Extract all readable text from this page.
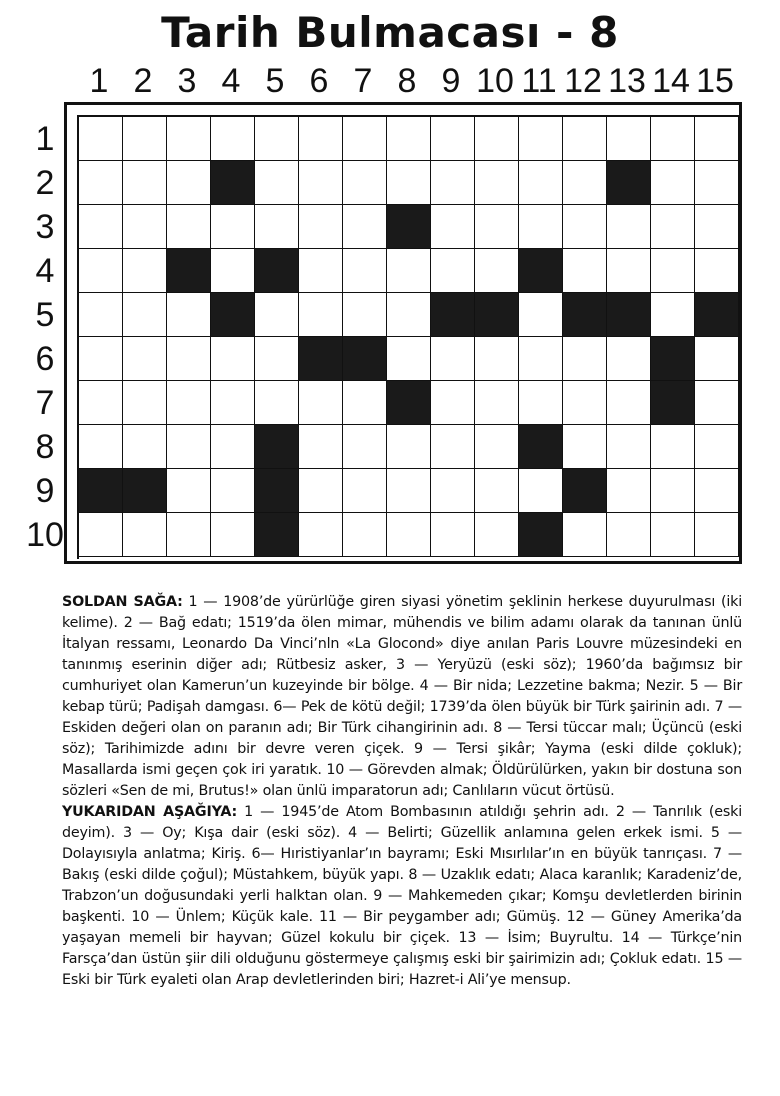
Tarih Bulmacası - 8
1 2 3 4 5 6 7 8 9 10 11 12 13 14 15
1
2
3
4
5
6
7
8
9
10

SOLDAN SAĞA: 1 — 1908’de yürürlüğe giren siyasi yönetim şeklinin herkese duyurulması (iki kelime). 2 — Bağ edatı; 1519’da ölen mimar, mühendis ve bilim adamı olarak da tanınan ünlü İtalyan ressamı, Leonardo Da Vinci’nln «La Glocond» diye anılan Paris Louvre müzesindeki en tanınmış eserinin diğer adı; Rütbesiz asker, 3 — Yeryüzü (eski söz); 1960’da bağımsız bir cumhuriyet olan Kamerun’un kuzeyinde bir bölge. 4 — Bir nida; Lezzetine bakma; Nezir. 5 — Bir kebap türü; Padişah damgası. 6— Pek de kötü değil; 1739’da ölen büyük bir Türk şairinin adı. 7 — Eskiden değeri olan on paranın adı; Bir Türk cihangirinin adı. 8 — Tersi tüccar malı; Üçüncü (eski söz); Tarihimizde adını bir devre veren çiçek. 9 — Tersi şikâr; Yayma (eski dilde çokluk); Masallarda ismi geçen çok iri yaratık. 10 — Görevden almak; Öldürülürken, yakın bir dostuna son sözleri «Sen de mi, Brutus!» olan ünlü imparatorun adı; Canlıların vücut örtüsü.

YUKARIDAN AŞAĞIYA: 1 — 1945’de Atom Bombasının atıldığı şehrin adı. 2 — Tanrılık (eski deyim). 3 — Oy; Kışa dair (eski söz). 4 — Belirti; Güzellik anlamına gelen erkek ismi. 5 — Dolayısıyla anlatma; Kiriş. 6— Hıristiyanlar’ın bayramı; Eski Mısırlılar’ın en büyük tanrıçası. 7 — Bakış (eski dilde çoğul); Müstahkem, büyük yapı. 8 — Uzaklık edatı; Alaca karanlık; Karadeniz’de, Trabzon’un doğusundaki yerli halktan olan. 9 — Mahkemeden çıkar; Komşu devletlerden birinin başkenti. 10 — Ünlem; Küçük kale. 11 — Bir peygamber adı; Gümüş. 12 — Güney Amerika’da yaşayan memeli bir hayvan; Güzel kokulu bir çiçek. 13 — İsim; Buyrultu. 14 — Türkçe’nin Farsça’dan üstün şiir dili olduğunu göstermeye çalışmış eski bir şairimizin adı; Çokluk edatı. 15 — Eski bir Türk eyaleti olan Arap devletlerinden biri; Hazret-i Ali’ye mensup.
